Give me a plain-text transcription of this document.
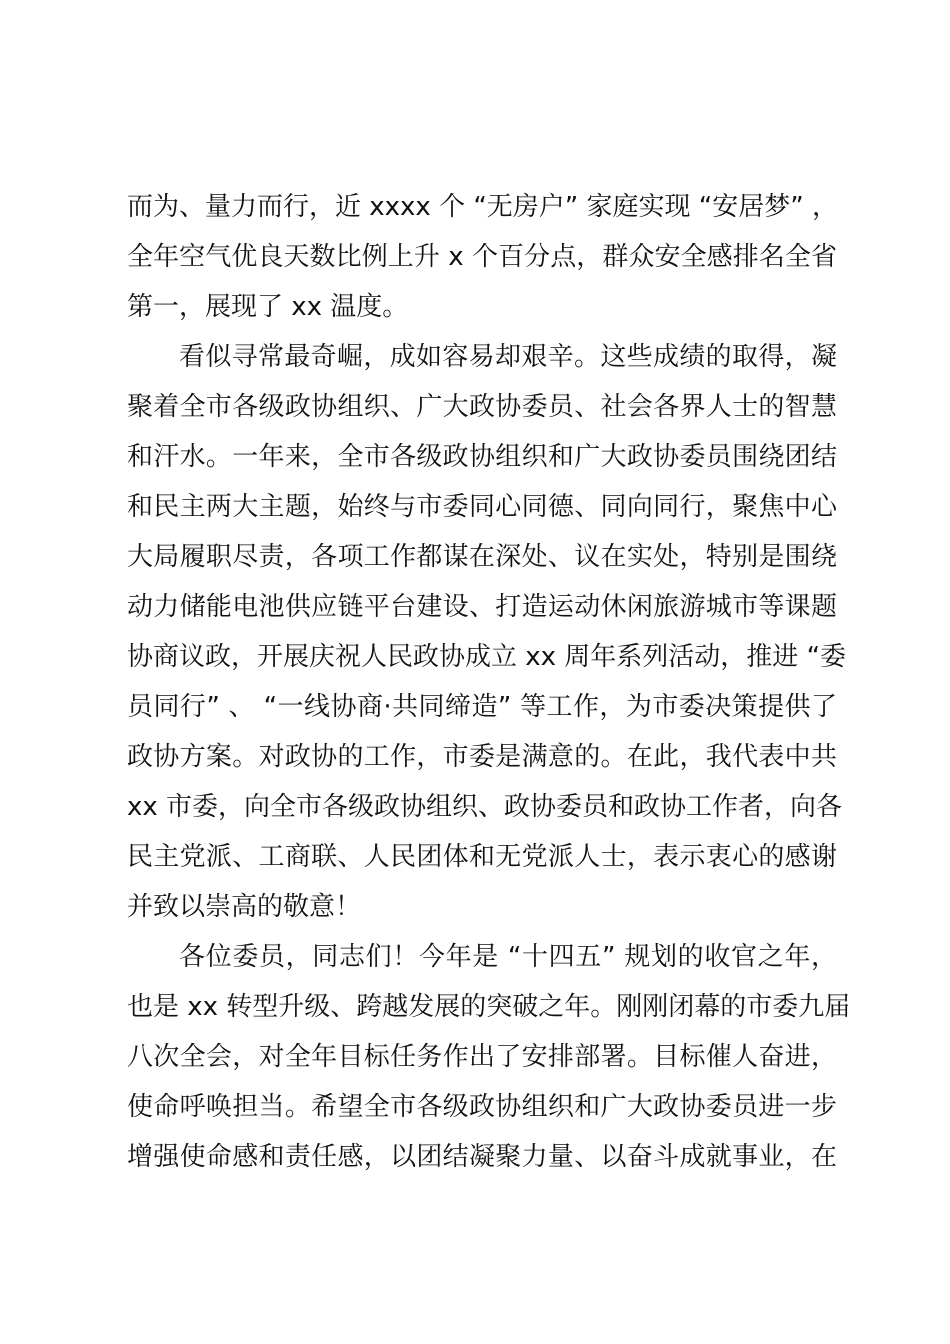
而为、量力而行，近 xxxx 个 “无房户” 家庭实现 “安居梦” ，
全年空气优良天数比例上升 x 个百分点，群众安全感排名全省
第一，展现了 xx 温度。
看似寻常最奇崛，成如容易却艰辛。这些成绩的取得，凝
聚着全市各级政协组织、广大政协委员、社会各界人士的智慧
和汗水。一年来，全市各级政协组织和广大政协委员围绕团结
和民主两大主题，始终与市委同心同德、同向同行，聚焦中心
大局履职尽责，各项工作都谋在深处、议在实处，特别是围绕
动力储能电池供应链平台建设、打造运动休闲旅游城市等课题
协商议政，开展庆祝人民政协成立 xx 周年系列活动，推进 “委
员同行” 、 “一线协商·共同缔造” 等工作，为市委决策提供了
政协方案。对政协的工作，市委是满意的。在此，我代表中共
xx 市委，向全市各级政协组织、政协委员和政协工作者，向各
民主党派、工商联、人民团体和无党派人士，表示衷心的感谢
并致以崇高的敬意！
各位委员，同志们！今年是 “十四五” 规划的收官之年，
也是 xx 转型升级、跨越发展的突破之年。刚刚闭幕的市委九届
八次全会，对全年目标任务作出了安排部署。目标催人奋进，
使命呼唤担当。希望全市各级政协组织和广大政协委员进一步
增强使命感和责任感，以团结凝聚力量、以奋斗成就事业，在
